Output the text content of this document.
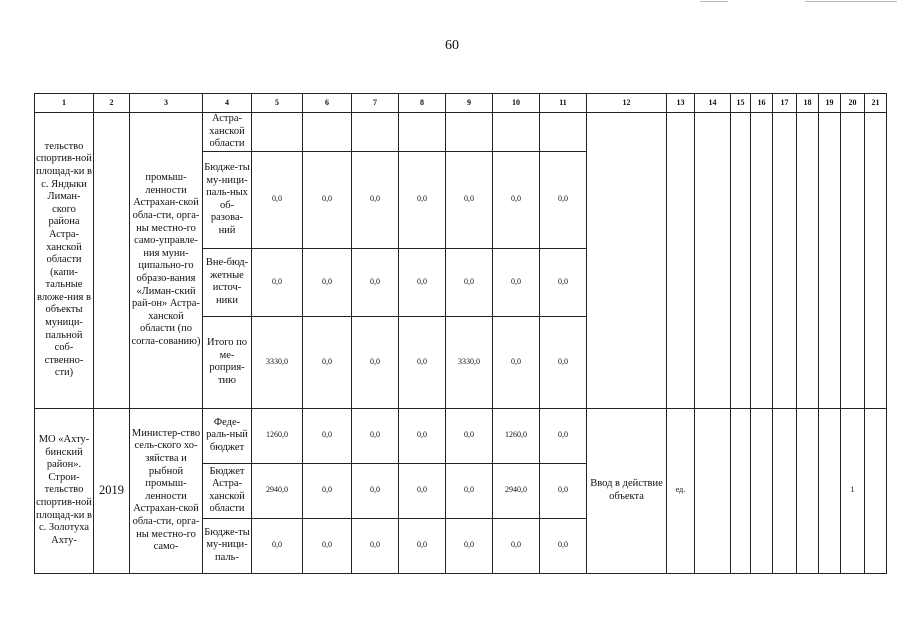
60
1	2	3	4	5	6	7	8	9	10	11	12	13	14	15	16	17	18	19	20	21
тельство спортив-ной площад-ки в с. Яндыки Лиман-ского района Астра-ханской области (капи-тальные вложе-ния в объекты муници-пальной соб-ственно-сти)		промыш-ленности Астрахан-ской обла-сти, орга-ны местно-го само-управле-ния муни-ципально-го образо-вания «Лиман-ский рай-он» Астра-ханской области (по согла-сованию)	Астра-ханской области																	
			Бюдже-ты му-ници-паль-ных об-разова-ний	0,0	0,0	0,0	0,0	0,0	0,0	0,0										
			Вне-бюд-жетные источ-ники	0,0	0,0	0,0	0,0	0,0	0,0	0,0										
			Итого по ме-роприя-тию	3330,0	0,0	0,0	0,0	3330,0	0,0	0,0										
МО «Ахту-бинский район». Строи-тельство спортив-ной площад-ки в с. Золотуха Ахту-	2019	Министер-ство сель-ского хо-зяйства и рыбной промыш-ленности Астрахан-ской обла-сти, орга-ны местно-го само-	Феде-раль-ный бюджет	1260,0	0,0	0,0	0,0	0,0	1260,0	0,0	Ввод в действие объекта	ед.							1	
			Бюджет Астра-ханской области	2940,0	0,0	0,0	0,0	0,0	2940,0	0,0										
			Бюдже-ты му-ници-паль-	0,0	0,0	0,0	0,0	0,0	0,0	0,0										
